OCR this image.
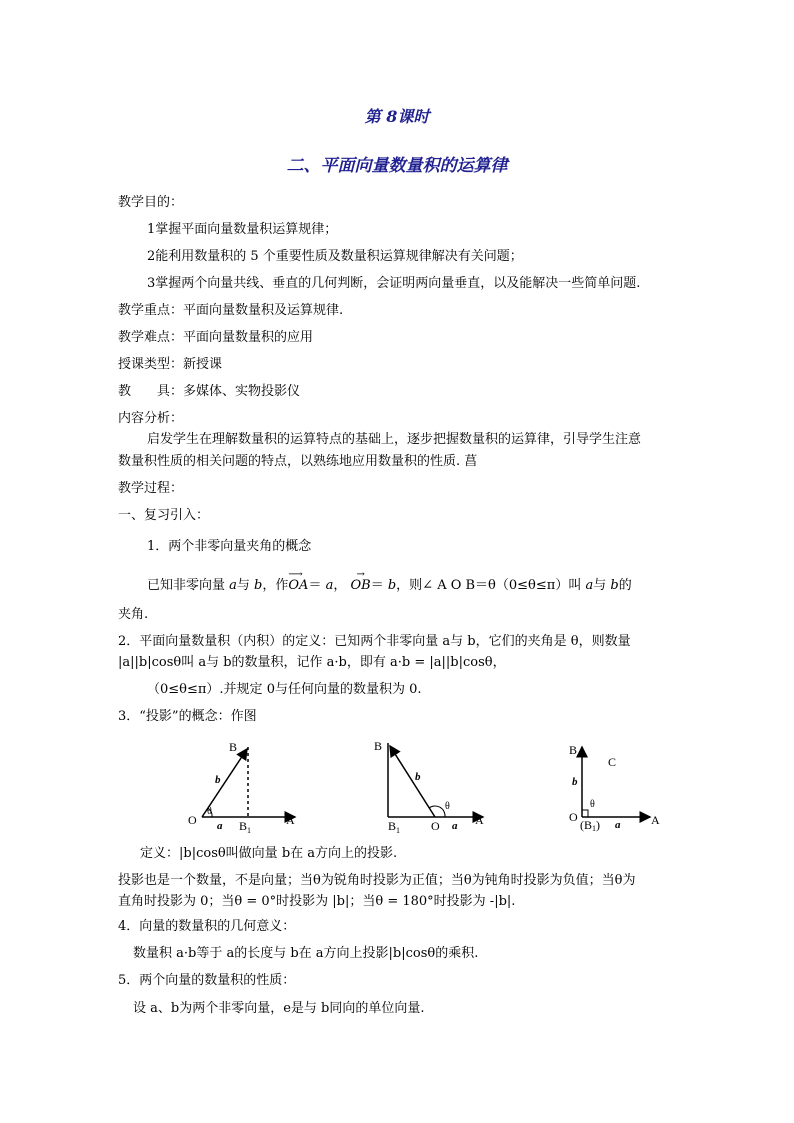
第 8课时
二、平面向量数量积的运算律
教学目的：
1掌握平面向量数量积运算规律；
2能利用数量积的 5 个重要性质及数量积运算规律解决有关问题；
3掌握两个向量共线、垂直的几何判断，会证明两向量垂直，以及能解决一些简单问题.
教学重点：平面向量数量积及运算规律.
教学难点：平面向量数量积的应用
授课类型：新授课
教　　具：多媒体、实物投影仪
内容分析：
启发学生在理解数量积的运算特点的基础上，逐步把握数量积的运算律，引导学生注意
数量积性质的相关问题的特点，以熟练地应用数量积的性质. 菖
教学过程：
一、复习引入：
1．两个非零向量夹角的概念
已知非零向量 a与 b，作OA
⟶
＝ a， OB
→
＝ b，则∠ A O B＝θ（0≤θ≤π）叫 a与 b的
夹角.
2．平面向量数量积（内积）的定义：已知两个非零向量 a与 b，它们的夹角是 θ，则数量
|a||b|cosθ叫 a与 b的数量积，记作 a·b，即有 a·b = |a||b|cosθ，
（0≤θ≤π）.并规定 0与任何向量的数量积为 0.
3．“投影”的概念：作图
B
b
θ
O a $B_1$
A
B
b
θ
$B_1$	O a A
B
C
b
θ
O
(B1) a	A
定义：|b|cosθ叫做向量 b在 a方向上的投影.
投影也是一个数量，不是向量；当θ为锐角时投影为正值；当θ为钝角时投影为负值；当θ为
直角时投影为 0；当θ = 0°时投影为 |b|；当θ = 180°时投影为 -|b|.
4．向量的数量积的几何意义：
数量积 a·b等于 a的长度与 b在 a方向上投影|b|cosθ的乘积.
5．两个向量的数量积的性质：
设 a、b为两个非零向量，e是与 b同向的单位向量.
